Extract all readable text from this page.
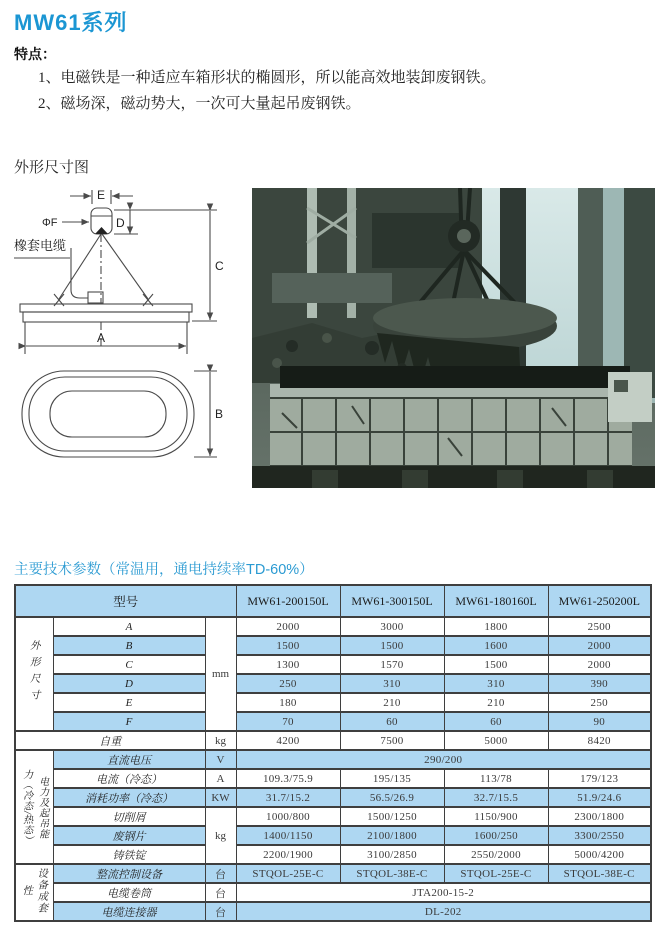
MW61系列
特点：
1、电磁铁是一种适应车箱形状的椭圆形，所以能高效地装卸废钢铁。
2、磁场深，磁动势大，一次可大量起吊废钢铁。
外形尺寸图
E
ΦF	D
C
A
B
橡套电缆
主要技术参数（常温用，通电持续率TD-60%）
型号			MW61-200150L	MW61-300150L	MW61-180160L	MW61-250200L
外形尺寸	A	mm	2000	3000	1800	2500
	B		1500	1500	1600	2000
	C		1300	1570	1500	2000
	D		250	310	310	390
	E		180	210	210	250
	F		70	60	60	90
自重		kg	4200	7500	5000	8420

电力及起吊能
力（冷态/热态）	直流电压	V	290/200			
	电流（冷态）	A	109.3/75.9	195/135	113/78	179/123
	消耗功率（冷态）	KW	31.7/15.2	56.5/26.9	32.7/15.5	51.9/24.6
	切削屑	kg	1000/800	1500/1250	1150/900	2300/1800
	废钢片		1400/1150	2100/1800	1600/250	3300/2550
	铸铁锭		2200/1900	3100/2850	2550/2000	5000/4200
设备成套性	整流控制设备	台	STQOL-25E-C	STQOL-38E-C	STQOL-25E-C	STQOL-38E-C
	电缆卷筒	台	JTA200-15-2			
	电缆连接器	台	DL-202			
